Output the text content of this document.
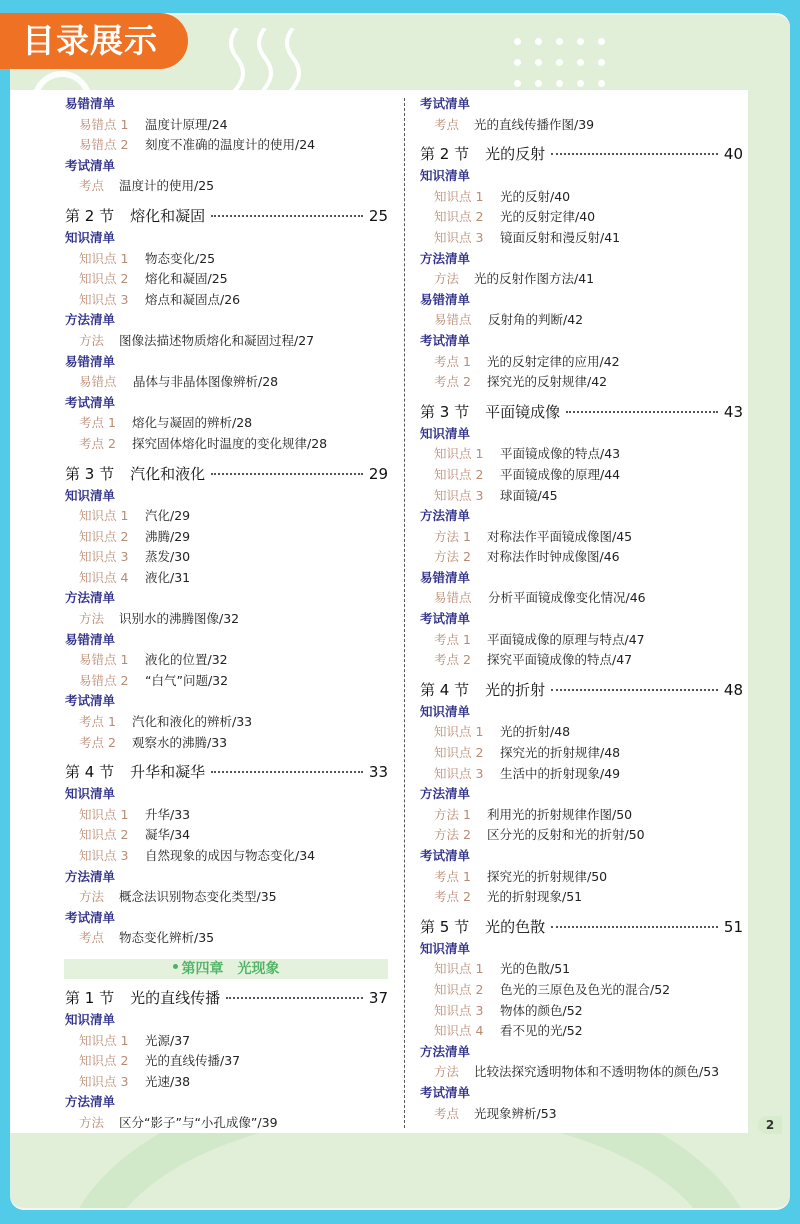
目录展示
易错清单
易错点 1 温度计原理/24
易错点 2 刻度不准确的温度计的使用/24
考试清单
考点 温度计的使用/25
第 2 节 熔化和凝固	25
知识清单
知识点 1 物态变化/25
知识点 2 熔化和凝固/25
知识点 3 熔点和凝固点/26
方法清单
方法 图像法描述物质熔化和凝固过程/27
易错清单
易错点 晶体与非晶体图像辨析/28
考试清单
考点 1 熔化与凝固的辨析/28
考点 2 探究固体熔化时温度的变化规律/28
第 3 节 汽化和液化	29
知识清单
知识点 1 汽化/29
知识点 2 沸腾/29
知识点 3 蒸发/30
知识点 4 液化/31
方法清单
方法 识别水的沸腾图像/32
易错清单
易错点 1 液化的位置/32
易错点 2 “白气”问题/32
考试清单
考点 1 汽化和液化的辨析/33
考点 2 观察水的沸腾/33
第 4 节 升华和凝华	33
知识清单
知识点 1 升华/33
知识点 2 凝华/34
知识点 3 自然现象的成因与物态变化/34
方法清单
方法 概念法识别物态变化类型/35
考试清单
考点 物态变化辨析/35
第四章　光现象
第 1 节 光的直线传播	37
知识清单
知识点 1 光源/37
知识点 2 光的直线传播/37
知识点 3 光速/38
方法清单
方法 区分“影子”与“小孔成像”/39
考试清单
考点 光的直线传播作图/39
第 2 节 光的反射	40
知识清单
知识点 1 光的反射/40
知识点 2 光的反射定律/40
知识点 3 镜面反射和漫反射/41
方法清单
方法 光的反射作图方法/41
易错清单
易错点 反射角的判断/42
考试清单
考点 1 光的反射定律的应用/42
考点 2 探究光的反射规律/42
第 3 节 平面镜成像	43
知识清单
知识点 1 平面镜成像的特点/43
知识点 2 平面镜成像的原理/44
知识点 3 球面镜/45
方法清单
方法 1 对称法作平面镜成像图/45
方法 2 对称法作时钟成像图/46
易错清单
易错点 分析平面镜成像变化情况/46
考试清单
考点 1 平面镜成像的原理与特点/47
考点 2 探究平面镜成像的特点/47
第 4 节 光的折射	48
知识清单
知识点 1 光的折射/48
知识点 2 探究光的折射规律/48
知识点 3 生活中的折射现象/49
方法清单
方法 1 利用光的折射规律作图/50
方法 2 区分光的反射和光的折射/50
考试清单
考点 1 探究光的折射规律/50
考点 2 光的折射现象/51
第 5 节 光的色散	51
知识清单
知识点 1 光的色散/51
知识点 2 色光的三原色及色光的混合/52
知识点 3 物体的颜色/52
知识点 4 看不见的光/52
方法清单
方法 比较法探究透明物体和不透明物体的颜色/53
考试清单
考点 光现象辨析/53
2
